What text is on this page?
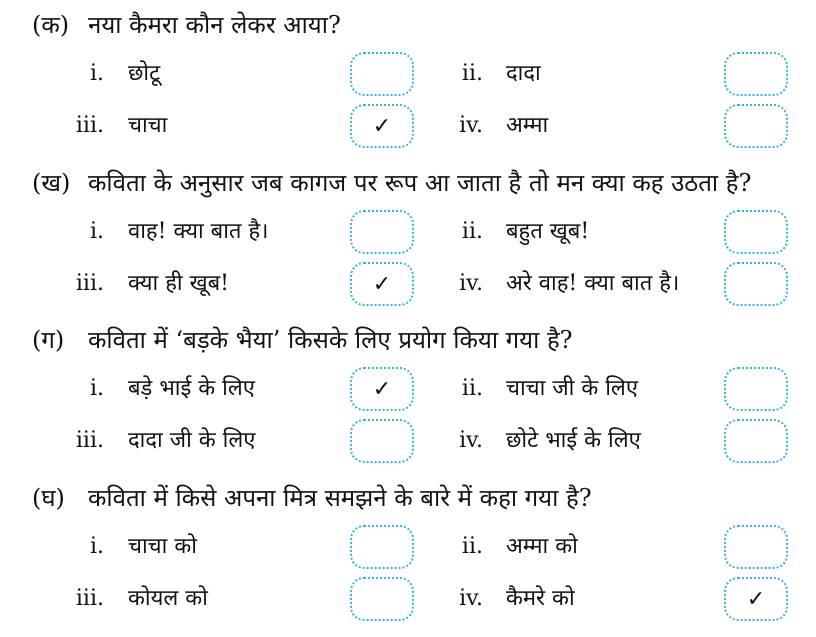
(क) नया कैमरा कौन लेकर आया?
i. छोटू	ii. दादा
iii. चाचा	✓	iv. अम्मा
(ख) कविता के अनुसार जब कागज पर रूप आ जाता है तो मन क्या कह उठता है?
i. वाह! क्या बात है।	ii. बहुत खूब!
iii. क्या ही खूब!	✓	iv. अरे वाह! क्या बात है।
(ग) कविता में ‘बड़के भैया’ किसके लिए प्रयोग किया गया है?
i. बड़े भाई के लिए	✓	ii. चाचा जी के लिए
iii. दादा जी के लिए	iv. छोटे भाई के लिए
(घ) कविता में किसे अपना मित्र समझने के बारे में कहा गया है?
i. चाचा को	ii. अम्मा को
iii. कोयल को	iv. कैमरे को	✓
